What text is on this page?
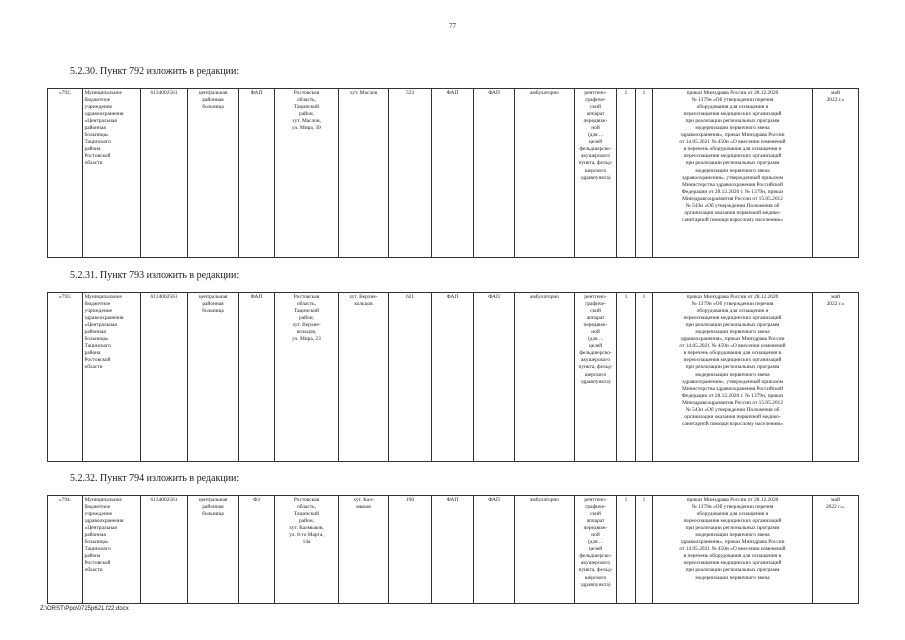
77
5.2.30. Пункт 792 изложить в редакции:
«792.	Муниципальное
бюджетное
учреждение
здравоохранения
«Центральная
районная
больница»
Тацинского
района
Ростовской
области	6134002561	центральная
районная
больница	ФАП	Ростовская
область,
Тацинский
район,
хут. Маслов,
ул. Мира, 39	хут. Маслов	533	ФАП	ФАП	амбулаторно	рентгено-
графиче-
ский
аппарат
передвиж-
ной
(для ...
целей
фельдшерско-
акушерского
пункта, фельд-
шерского
здравпункта)	1	1	приказ Минздрава России от 28.12.2020
№ 1379н «Об утверждении перечня
оборудования для оснащения и
переоснащения медицинских организаций
при реализации региональных программ
модернизации первичного звена
здравоохранения», приказ Минздрава России
от 14.05.2021 № 450н «О внесении изменений
в перечень оборудования для оснащения и
переоснащения медицинских организаций
при реализации региональных программ
модернизации первичного звена
здравоохранения», утвержденный приказом
Министерства здравоохранения Российской
Федерации от 28.12.2020 г. № 1379н, приказ
Минздравсоцразвития России от 15.05.2012
№ 543н «Об утверждении Положения об
организации оказания первичной медико-
санитарной помощи взрослому населению»	май
2022 г.»
5.2.31. Пункт 793 изложить в редакции:
«793.	Муниципальное
бюджетное
учреждение
здравоохранения
«Центральная
районная
больница»
Тацинского
района
Ростовской
области	6134002561	центральная
районная
больница	ФАП	Ростовская
область,
Тацинский
район,
хут. Верхне-
кольцов,
ул. Мира, 23	хут. Верхне-
кольцов	621	ФАП	ФАП	амбулаторно	рентгено-
графиче-
ский
аппарат
передвиж-
ной
(для ...
целей
фельдшерско-
акушерского
пункта, фельд-
шерского
здравпункта)	1	1	приказ Минздрава России от 28.12.2020
№ 1379н «Об утверждении перечня
оборудования для оснащения и
переоснащения медицинских организаций
при реализации региональных программ
модернизации первичного звена
здравоохранения», приказ Минздрава России
от 14.05.2021 № 450н «О внесении изменений
в перечень оборудования для оснащения и
переоснащения медицинских организаций
при реализации региональных программ
модернизации первичного звена
здравоохранения», утвержденный приказом
Министерства здравоохранения Российской
Федерации от 28.12.2020 г. № 1379н, приказ
Минздравсоцразвития России от 15.05.2012
№ 543н «Об утверждении Положения об
организации оказания первичной медико-
санитарной помощи взрослому населению»	май
2022 г.»
5.2.32. Пункт 794 изложить в редакции:
«794.	Муниципальное
бюджетное
учреждение
здравоохранения
«Центральная
районная
больница»
Тацинского
района
Ростовской
области	6134002561	центральная
районная
больница	ФЗ	Ростовская
область,
Тацинский
район,
хут. Калмыков,
ул. 8-го Марта,
14а	хут. Кал-
мыков	190	ФАП	ФАП	амбулаторно	рентгено-
графиче-
ский
аппарат
передвиж-
ной
(для ...
целей
фельдшерско-
акушерского
пункта, фельд-
шерского
здравпункта)	1	1	приказ Минздрава России от 28.12.2020
№ 1379н «Об утверждении перечня
оборудования для оснащения и
переоснащения медицинских организаций
при реализации региональных программ
модернизации первичного звена
здравоохранения», приказ Минздрава России
от 14.05.2021 № 450н «О внесении изменений
в перечень оборудования для оснащения и
переоснащения медицинских организаций
при реализации региональных программ
модернизации первичного звена	май
2022 г.».
Z:\ORST\Ppo\0725p621.f22.docx
